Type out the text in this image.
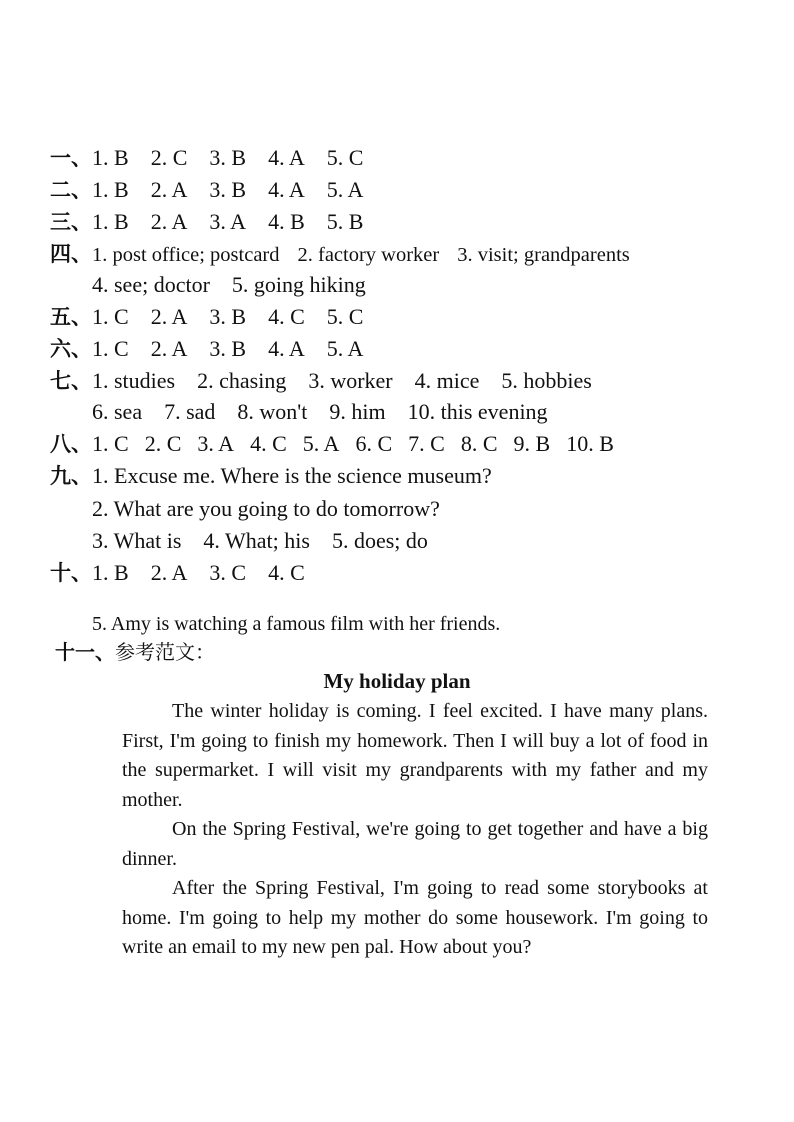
一、1. B 2. C 3. B 4. A 5. C
二、1. B 2. A 3. B 4. A 5. A
三、1. B 2. A 3. A 4. B 5. B
四、1. post office; postcard 2. factory worker 3. visit; grandparents
4. see; doctor 5. going hiking
五、1. C 2. A 3. B 4. C 5. C
六、1. C 2. A 3. B 4. A 5. A
七、1. studies 2. chasing 3. worker 4. mice 5. hobbies
6. sea 7. sad 8. won't 9. him 10. this evening
八、1. C 2. C 3. A 4. C 5. A 6. C 7. C 8. C 9. B 10. B
九、1. Excuse me. Where is the science museum?
2. What are you going to do tomorrow?
3. What is 4. What; his 5. does; do
十、1. B 2. A 3. C 4. C
5. Amy is watching a famous film with her friends.
十一、参考范文：
My holiday plan

The winter holiday is coming. I feel excited. I have many plans. First, I'm going to finish my homework. Then I will buy a lot of food in the supermarket. I will visit my grandparents with my father and my mother.

On the Spring Festival, we're going to get together and have a big dinner.

After the Spring Festival, I'm going to read some storybooks at home. I'm going to help my mother do some housework. I'm going to write an email to my new pen pal. How about you?
